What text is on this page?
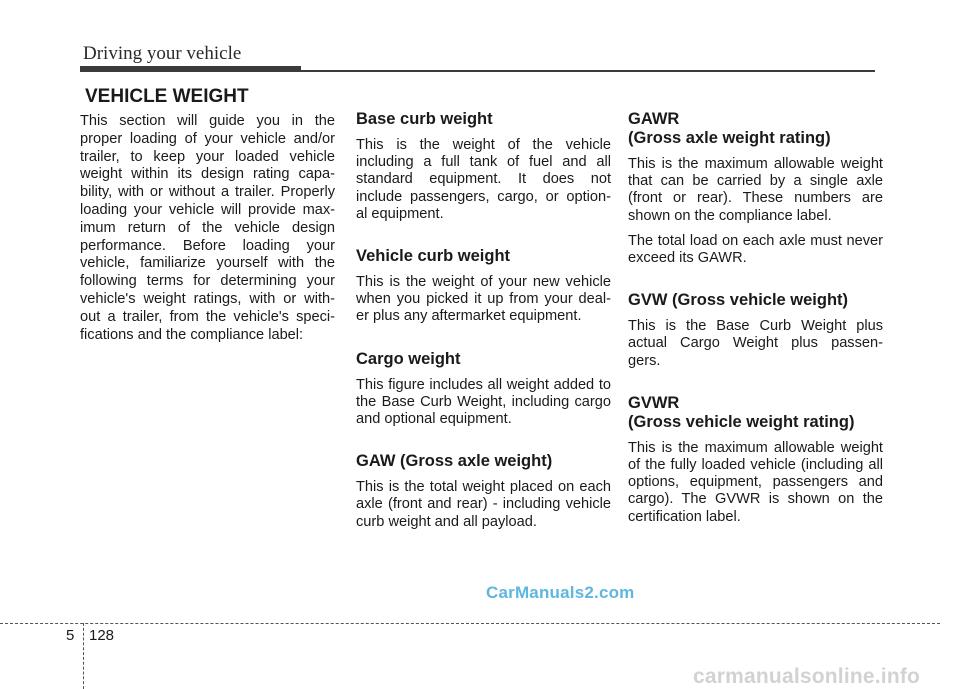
Driving your vehicle
VEHICLE WEIGHT

This section will guide you in the proper loading of your vehicle and/or trailer, to keep your loaded vehicle weight within its design rating capa- bility, with or without a trailer. Properly loading your vehicle will provide max- imum return of the vehicle design performance. Before loading your vehicle, familiarize yourself with the following terms for determining your vehicle's weight ratings, with or with- out a trailer, from the vehicle's speci- fications and the compliance label:

Base curb weight

This is the weight of the vehicle including a full tank of fuel and all standard equipment. It does not include passengers, cargo, or option- al equipment.

Vehicle curb weight

This is the weight of your new vehicle when you picked it up from your deal- er plus any aftermarket equipment.

Cargo weight

This figure includes all weight added to the Base Curb Weight, including cargo and optional equipment.

GAW (Gross axle weight)

This is the total weight placed on each axle (front and rear) - including vehicle curb weight and all payload.

GAWR
(Gross axle weight rating)

This is the maximum allowable weight that can be carried by a single axle (front or rear). These numbers are shown on the compliance label.

The total load on each axle must never exceed its GAWR.

GVW (Gross vehicle weight)

This is the Base Curb Weight plus actual Cargo Weight plus passen- gers.

GVWR
(Gross vehicle weight rating)

This is the maximum allowable weight of the fully loaded vehicle (including all options, equipment, passengers and cargo). The GVWR is shown on the certification label.

CarManuals2.com
5 128
carmanualsonline.info
